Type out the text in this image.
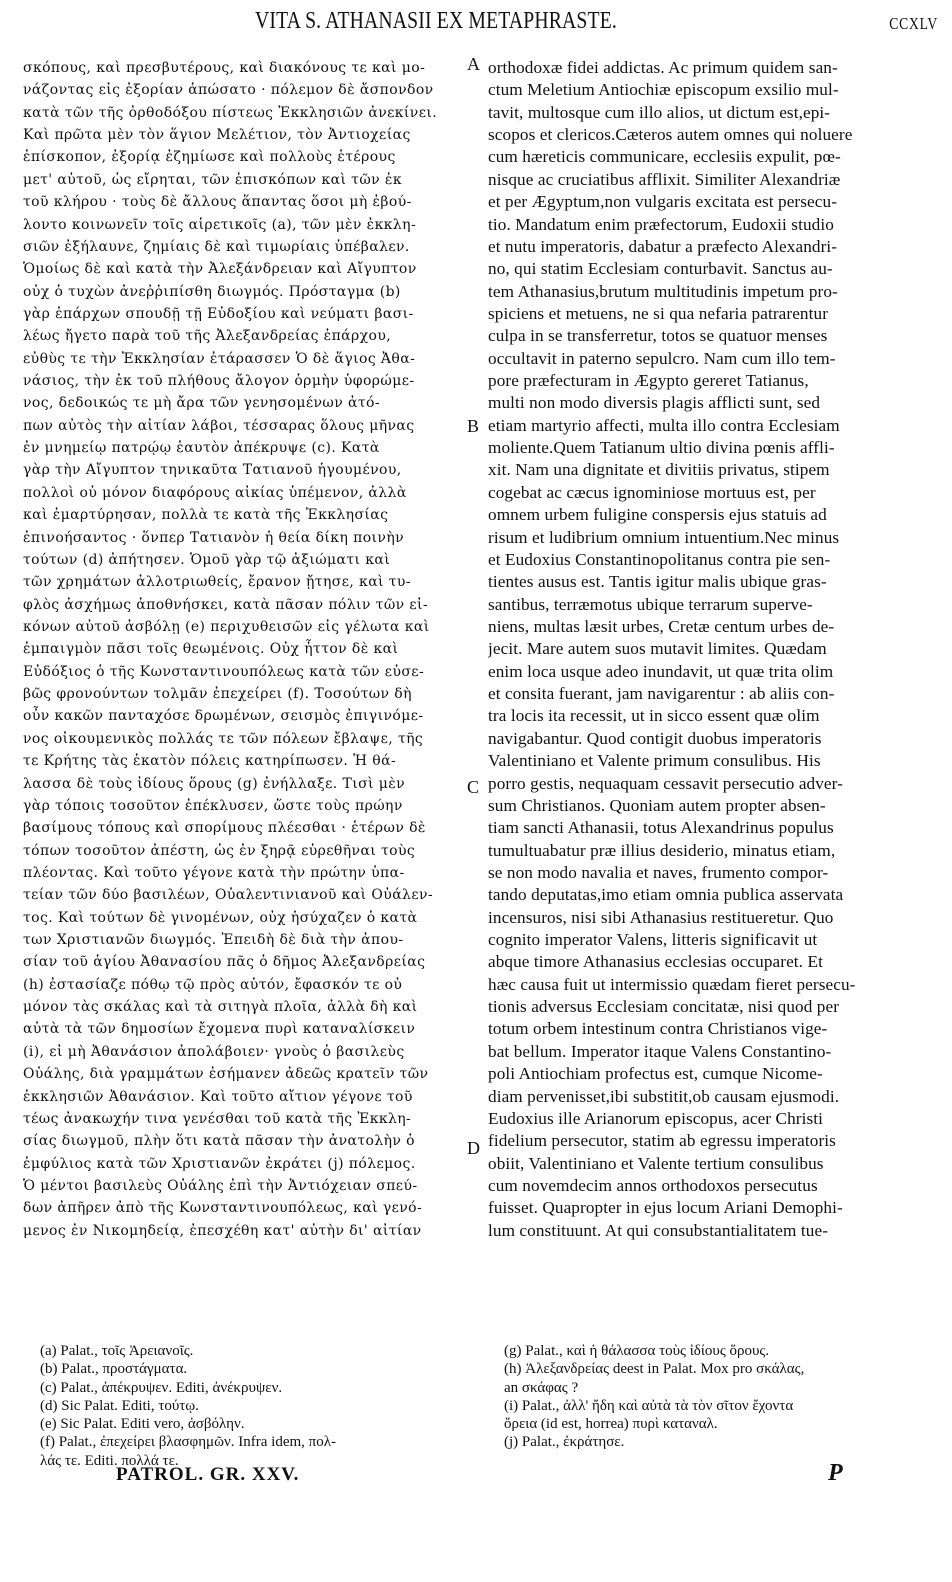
VITA S. ATHANASII EX METAPHRASTE.	CCXLV
σκόπους, καὶ πρεσβυτέρους, καὶ διακόνους τε καὶ μο-
νάζοντας εἰς ἐξορίαν ἀπώσατο · πόλεμον δὲ ἄσπονδον
κατὰ τῶν τῆς ὀρθοδόξου πίστεως Ἐκκλησιῶν ἀνεκίνει.
Καὶ πρῶτα μὲν τὸν ἅγιον Μελέτιον, τὸν Ἀντιοχείας
ἐπίσκοπον, ἐξορίᾳ ἐζημίωσε καὶ πολλοὺς ἑτέρους
μετ' αὐτοῦ, ὡς εἴρηται, τῶν ἐπισκόπων καὶ τῶν ἐκ
τοῦ κλήρου · τοὺς δὲ ἄλλους ἅπαντας ὅσοι μὴ ἐβού-
λοντο κοινωνεῖν τοῖς αἱρετικοῖς (a), τῶν μὲν ἐκκλη-
σιῶν ἐξήλαυνε, ζημίαις δὲ καὶ τιμωρίαις ὑπέβαλεν.
Ὁμοίως δὲ καὶ κατὰ τὴν Ἀλεξάνδρειαν καὶ Αἴγυπτον
οὐχ ὁ τυχὼν ἀνεῤῥιπίσθη διωγμός. Πρόσταγμα (b)
γὰρ ἐπάρχων σπουδῇ τῇ Εὐδοξίου καὶ νεύματι βασι-
λέως ἤγετο παρὰ τοῦ τῆς Ἀλεξανδρείας ἐπάρχου,
εὐθὺς τε τὴν Ἐκκλησίαν ἐτάρασσεν Ὁ δὲ ἅγιος Ἀθα-
νάσιος, τὴν ἐκ τοῦ πλήθους ἄλογον ὁρμὴν ὑφορώμε-
νος, δεδοικώς τε μὴ ἄρα τῶν γενησομένων ἀτό-
πων αὐτὸς τὴν αἰτίαν λάβοι, τέσσαρας ὅλους μῆνας
ἐν μνημείῳ πατρῴῳ ἑαυτὸν ἀπέκρυψε (c). Κατὰ
γὰρ τὴν Αἴγυπτον τηνικαῦτα Τατιανοῦ ἡγουμένου,
πολλοὶ οὐ μόνον διαφόρους αἰκίας ὑπέμενον, ἀλλὰ
καὶ ἐμαρτύρησαν, πολλὰ τε κατὰ τῆς Ἐκκλησίας
ἐπινοήσαντος · ὅνπερ Τατιανὸν ἡ θεία δίκη ποινὴν
τούτων (d) ἀπήτησεν. Ὁμοῦ γὰρ τῷ ἀξιώματι καὶ
τῶν χρημάτων ἀλλοτριωθείς, ἔρανον ᾔτησε, καὶ τυ-
φλὸς ἀσχήμως ἀποθνήσκει, κατὰ πᾶσαν πόλιν τῶν εἰ-
κόνων αὐτοῦ ἀσβόλῃ (e) περιχυθεισῶν εἰς γέλωτα καὶ
ἐμπαιγμὸν πᾶσι τοῖς θεωμένοις. Οὐχ ἧττον δὲ καὶ
Εὐδόξιος ὁ τῆς Κωνσταντινουπόλεως κατὰ τῶν εὐσε-
βῶς φρονούντων τολμᾶν ἐπεχείρει (f). Τοσούτων δὴ
οὖν κακῶν πανταχόσε δρωμένων, σεισμὸς ἐπιγινόμε-
νος οἰκουμενικὸς πολλάς τε τῶν πόλεων ἔβλαψε, τῆς
τε Κρήτης τὰς ἑκατὸν πόλεις κατηρίπωσεν. Ἡ θά-
λασσα δὲ τοὺς ἰδίους ὅρους (g) ἐνήλλαξε. Τισὶ μὲν
γὰρ τόποις τοσοῦτον ἐπέκλυσεν, ὥστε τοὺς πρώην
βασίμους τόπους καὶ σπορίμους πλέεσθαι · ἑτέρων δὲ
τόπων τοσοῦτον ἀπέστη, ὡς ἐν ξηρᾷ εὑρεθῆναι τοὺς
πλέοντας. Καὶ τοῦτο γέγονε κατὰ τὴν πρώτην ὑπα-
τείαν τῶν δύο βασιλέων, Οὐαλεντινιανοῦ καὶ Οὐάλεν-
τος. Καὶ τούτων δὲ γινομένων, οὐχ ἡσύχαζεν ὁ κατὰ
των Χριστιανῶν διωγμός. Ἐπειδὴ δὲ διὰ τὴν ἀπου-
σίαν τοῦ ἁγίου Ἀθανασίου πᾶς ὁ δῆμος Ἀλεξανδρείας
(h) ἐστασίαζε πόθῳ τῷ πρὸς αὐτόν, ἔφασκόν τε οὐ
μόνον τὰς σκάλας καὶ τὰ σιτηγὰ πλοῖα, ἀλλὰ δὴ καὶ
αὐτὰ τὰ τῶν δημοσίων ἔχομενα πυρὶ καταναλίσκειν
(i), εἰ μὴ Ἀθανάσιον ἀπολάβοιεν· γνοὺς ὁ βασιλεὺς
Οὐάλης, διὰ γραμμάτων ἐσήμανεν ἀδεῶς κρατεῖν τῶν
ἐκκλησιῶν Ἀθανάσιον. Καὶ τοῦτο αἴτιον γέγονε τοῦ
τέως ἀνακωχήν τινα γενέσθαι τοῦ κατὰ τῆς Ἐκκλη-
σίας διωγμοῦ, πλὴν ὅτι κατὰ πᾶσαν τὴν ἀνατολὴν ὁ
ἐμφύλιος κατὰ τῶν Χριστιανῶν ἐκράτει (j) πόλεμος.
Ὁ μέντοι βασιλεὺς Οὐάλης ἐπὶ τὴν Ἀντιόχειαν σπεύ-
δων ἀπῆρεν ἀπὸ τῆς Κωνσταντινουπόλεως, καὶ γενό-
μενος ἐν Νικομηδείᾳ, ἐπεσχέθη κατ' αὐτὴν δι' αἰτίαν
orthodoxæ fidei addictas. Ac primum quidem san-
ctum Meletium Antiochiæ episcopum exsilio mul-
tavit, multosque cum illo alios, ut dictum est,epi-
scopos et clericos.Cæteros autem omnes qui noluere
cum hæreticis communicare, ecclesiis expulit, pœ-
nisque ac cruciatibus afflixit. Similiter Alexandriæ
et per Ægyptum,non vulgaris excitata est persecu-
tio. Mandatum enim præfectorum, Eudoxii studio
et nutu imperatoris, dabatur a præfecto Alexandri-
no, qui statim Ecclesiam conturbavit. Sanctus au-
tem Athanasius,brutum multitudinis impetum pro-
spiciens et metuens, ne si qua nefaria patrarentur
culpa in se transferretur, totos se quatuor menses
occultavit in paterno sepulcro. Nam cum illo tem-
pore præfecturam in Ægypto gereret Tatianus,
multi non modo diversis plagis afflicti sunt, sed
etiam martyrio affecti, multa illo contra Ecclesiam
moliente.Quem Tatianum ultio divina pœnis affli-
xit. Nam una dignitate et divitiis privatus, stipem
cogebat ac cæcus ignominiose mortuus est, per
omnem urbem fuligine conspersis ejus statuis ad
risum et ludibrium omnium intuentium.Nec minus
et Eudoxius Constantinopolitanus contra pie sen-
tientes ausus est. Tantis igitur malis ubique gras-
santibus, terræmotus ubique terrarum superve-
niens, multas læsit urbes, Cretæ centum urbes de-
jecit. Mare autem suos mutavit limites. Quædam
enim loca usque adeo inundavit, ut quæ trita olim
et consita fuerant, jam navigarentur : ab aliis con-
tra locis ita recessit, ut in sicco essent quæ olim
navigabantur. Quod contigit duobus imperatoris
Valentiniano et Valente primum consulibus. His
porro gestis, nequaquam cessavit persecutio adver-
sum Christianos. Quoniam autem propter absen-
tiam sancti Athanasii, totus Alexandrinus populus
tumultuabatur præ illius desiderio, minatus etiam,
se non modo navalia et naves, frumento compor-
tando deputatas,imo etiam omnia publica asservata
incensuros, nisi sibi Athanasius restitueretur. Quo
cognito imperator Valens, litteris significavit ut
abque timore Athanasius ecclesias occuparet. Et
hæc causa fuit ut intermissio quædam fieret persecu-
tionis adversus Ecclesiam concitatæ, nisi quod per
totum orbem intestinum contra Christianos vige-
bat bellum. Imperator itaque Valens Constantino-
poli Antiochiam profectus est, cumque Nicome-
diam pervenisset,ibi substitit,ob causam ejusmodi.
Eudoxius ille Arianorum episcopus, acer Christi
fidelium persecutor, statim ab egressu imperatoris
obiit, Valentiniano et Valente tertium consulibus
cum novemdecim annos orthodoxos persecutus
fuisset. Quapropter in ejus locum Ariani Demophi-
lum constituunt. At qui consubstantialitatem tue-
A
B
C
D
(a) Palat., τοῖς Ἀρειανοῖς.
(b) Palat., προστάγματα.
(c) Palat., ἀπέκρυψεν. Editi, ἀνέκρυψεν.
(d) Sic Palat. Editi, τούτῳ.
(e) Sic Palat. Editi vero, ἀσβόλην.
(f) Palat., ἐπεχείρει βλασφημῶν. Infra idem, πολ-
λάς τε. Editi. πολλά τε.
(g) Palat., καὶ ἡ θάλασσα τοὺς ἰδίους ὅρους.
(h) Ἀλεξανδρείας deest in Palat. Mox pro σκάλας,
an σκάφας ?
(i) Palat., ἀλλ' ἤδη καὶ αὐτὰ τὰ τὸν σῖτον ἔχοντα
ὅρεια (id est, horrea) πυρὶ καταναλ.
(j) Palat., ἐκράτησε.
PATROL. GR. XXV.	P
